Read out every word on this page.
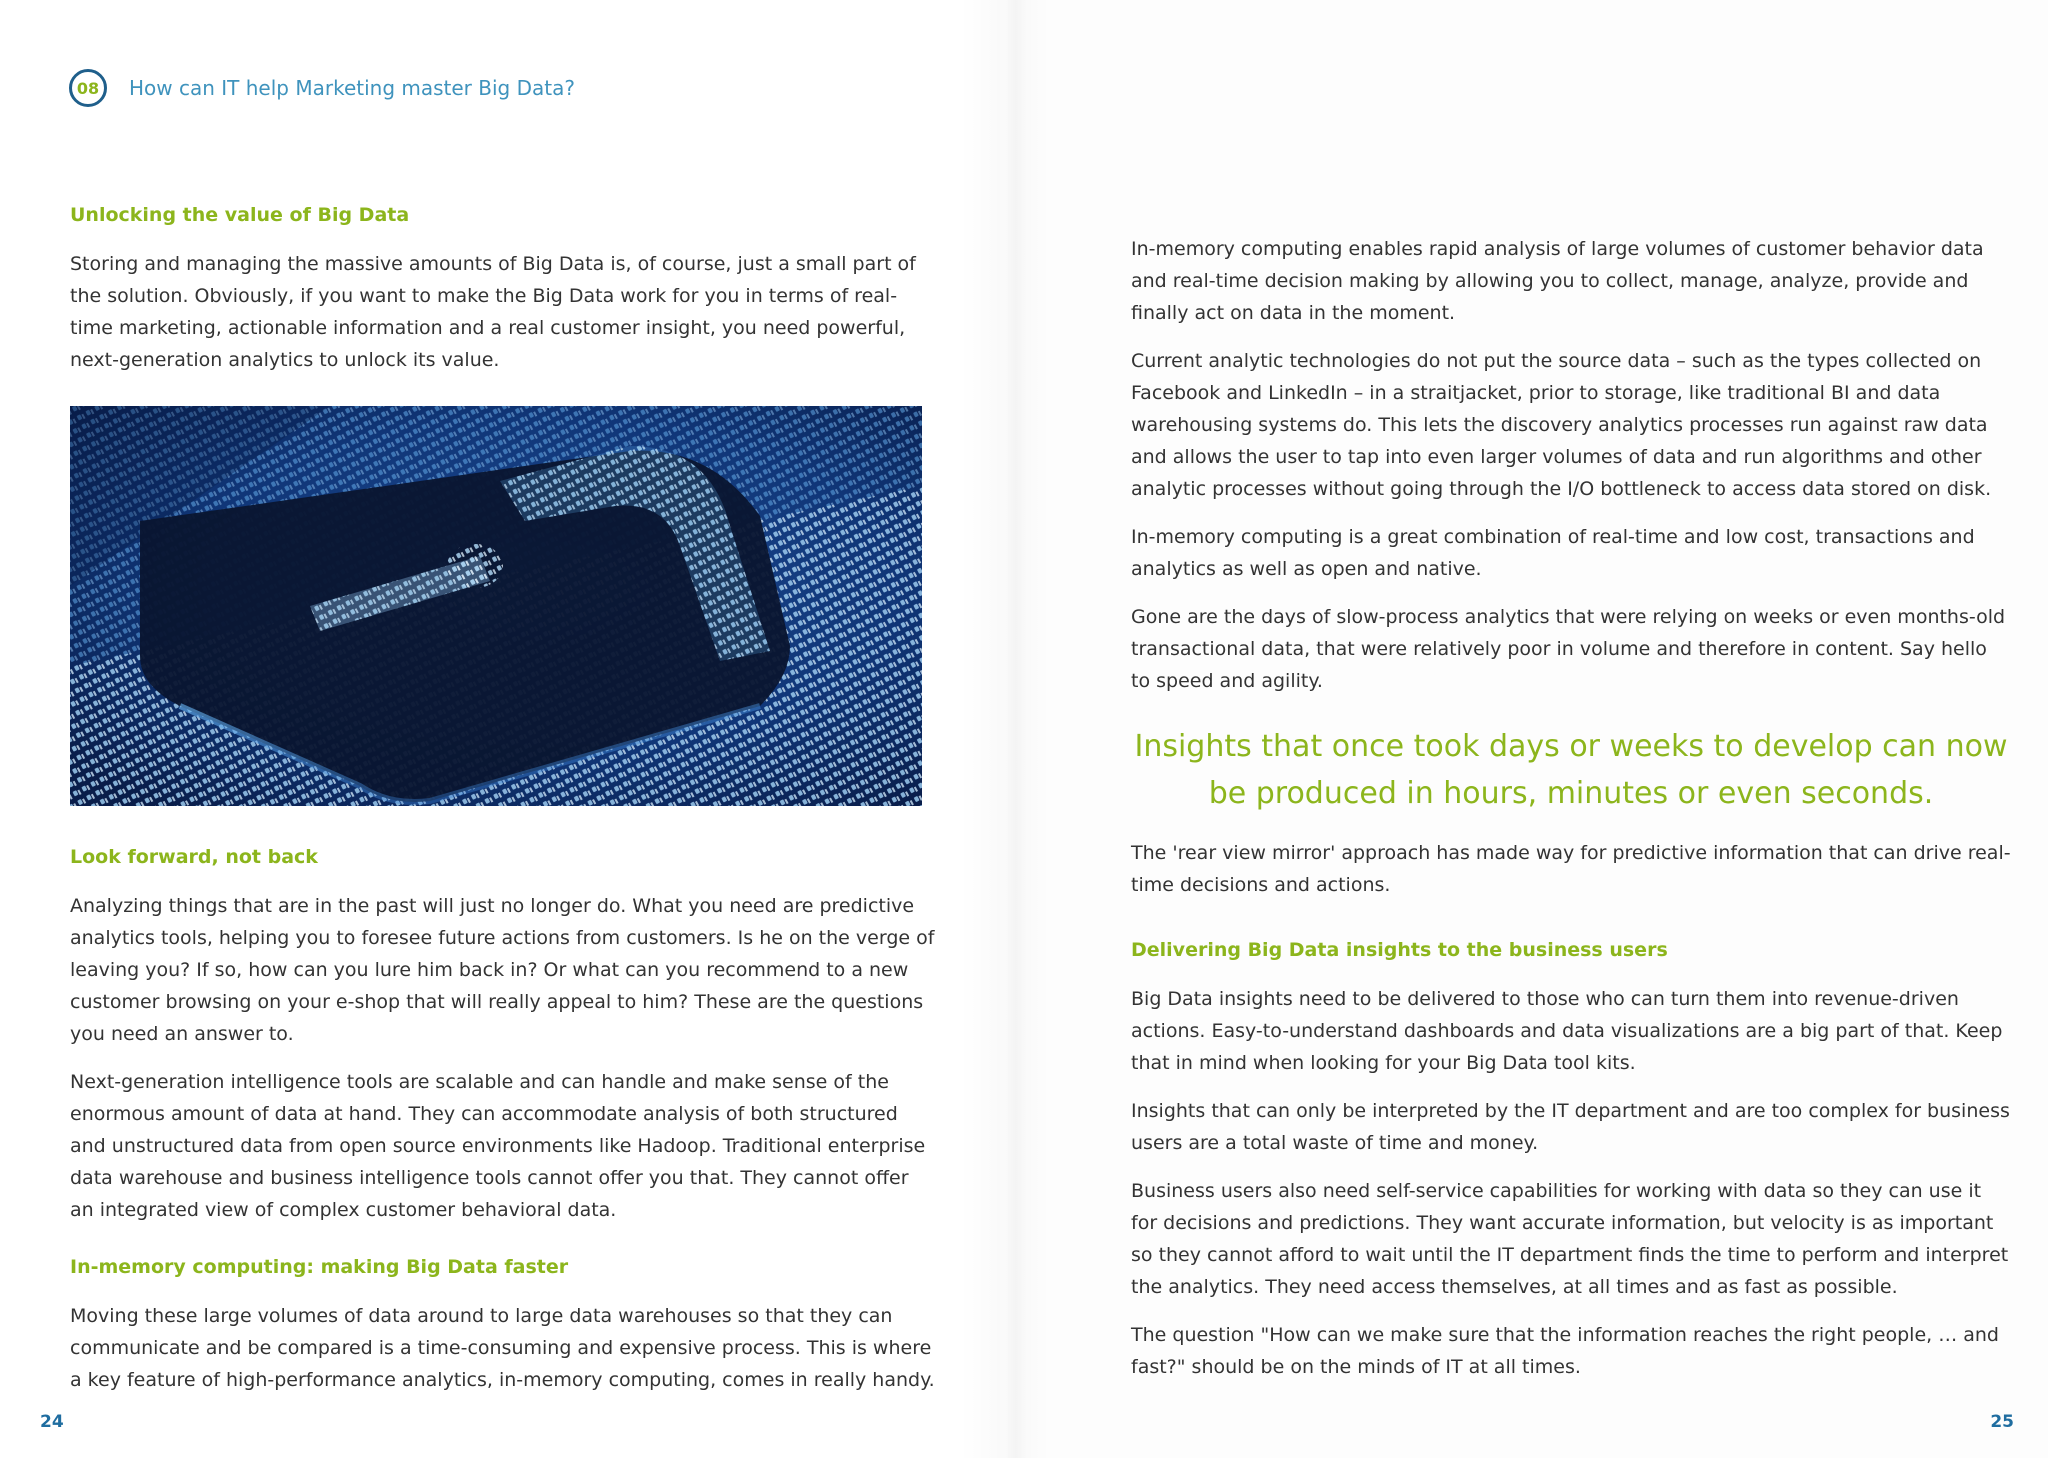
08	How can IT help Marketing master Big Data?
Unlocking the value of Big Data

Storing and managing the massive amounts of Big Data is, of course, just a small part of the solution. Obviously, if you want to make the Big Data work for you in terms of real-time marketing, actionable information and a real customer insight, you need powerful, next-generation analytics to unlock its value.

Look forward, not back

Analyzing things that are in the past will just no longer do. What you need are predictive analytics tools, helping you to foresee future actions from customers. Is he on the verge of leaving you? If so, how can you lure him back in? Or what can you recommend to a new customer browsing on your e-shop that will really appeal to him? These are the questions you need an answer to.

Next-generation intelligence tools are scalable and can handle and make sense of the enormous amount of data at hand. They can accommodate analysis of both structured and unstructured data from open source environments like Hadoop. Traditional enterprise data warehouse and business intelligence tools cannot offer you that. They cannot offer an integrated view of complex customer behavioral data.

In-memory computing: making Big Data faster

Moving these large volumes of data around to large data warehouses so that they can communicate and be compared is a time-consuming and expensive process. This is where a key feature of high-performance analytics, in-memory computing, comes in really handy.

In-memory computing enables rapid analysis of large volumes of customer behavior data and real-time decision making by allowing you to collect, manage, analyze, provide and finally act on data in the moment.

Current analytic technologies do not put the source data – such as the types collected on Facebook and LinkedIn – in a straitjacket, prior to storage, like traditional BI and data warehousing systems do. This lets the discovery analytics processes run against raw data and allows the user to tap into even larger volumes of data and run algorithms and other analytic processes without going through the I/O bottleneck to access data stored on disk.

In-memory computing is a great combination of real-time and low cost, transactions and analytics as well as open and native.

Gone are the days of slow-process analytics that were relying on weeks or even months-old transactional data, that were relatively poor in volume and therefore in content. Say hello to speed and agility.

Insights that once took days or weeks to develop can now be produced in hours, minutes or even seconds.

The 'rear view mirror' approach has made way for predictive information that can drive real-time decisions and actions.

Delivering Big Data insights to the business users

Big Data insights need to be delivered to those who can turn them into revenue-driven actions. Easy-to-understand dashboards and data visualizations are a big part of that. Keep that in mind when looking for your Big Data tool kits.

Insights that can only be interpreted by the IT department and are too complex for business users are a total waste of time and money.

Business users also need self-service capabilities for working with data so they can use it for decisions and predictions. They want accurate information, but velocity is as important so they cannot afford to wait until the IT department finds the time to perform and interpret the analytics. They need access themselves, at all times and as fast as possible.

The question "How can we make sure that the information reaches the right people, … and fast?" should be on the minds of IT at all times.

24	25
